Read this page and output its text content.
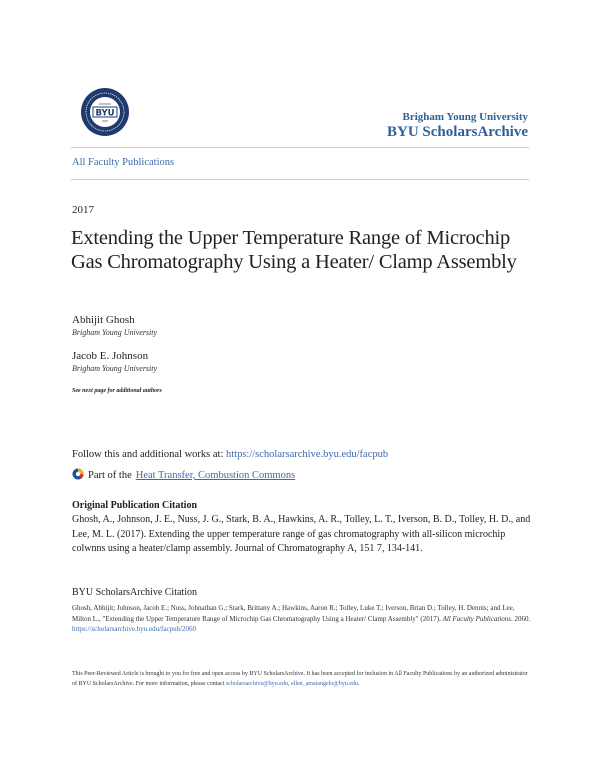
BYU	Brigham Young University
BYU ScholarsArchive
All Faculty Publications
2017
Extending the Upper Temperature Range of Microchip Gas Chromatography Using a Heater/ Clamp Assembly
Abhijit Ghosh
Brigham Young University
Jacob E. Johnson
Brigham Young University
See next page for additional authors
Follow this and additional works at: https://scholarsarchive.byu.edu/facpub
Part of the Heat Transfer, Combustion Commons
Original Publication Citation
Ghosh, A., Johnson, J. E., Nuss, J. G., Stark, B. A., Hawkins, A. R., Tolley, L. T., Iverson, B. D., Tolley, H. D., and Lee, M. L. (2017). Extending the upper temperature range of gas chromatography with all-silicon microchip colwnns using a heater/clamp assembly. Journal of Chromatography A, 151 7, 134-141.
BYU ScholarsArchive Citation
Ghosh, Abhijit; Johnson, Jacob E.; Nuss, Johnathan G.; Stark, Brittany A.; Hawkins, Aaron R.; Tolley, Luke T.; Iverson, Brian D.; Tolley, H. Dennis; and Lee, Milton L., "Extending the Upper Temperature Range of Microchip Gas Chromatography Using a Heater/ Clamp Assembly" (2017). All Faculty Publications. 2060.
https://scholarsarchive.byu.edu/facpub/2060
This Peer-Reviewed Article is brought to you for free and open access by BYU ScholarsArchive. It has been accepted for inclusion in All Faculty Publications by an authorized administrator of BYU ScholarsArchive. For more information, please contact scholarsarchive@byu.edu, ellen_amatangelo@byu.edu.
